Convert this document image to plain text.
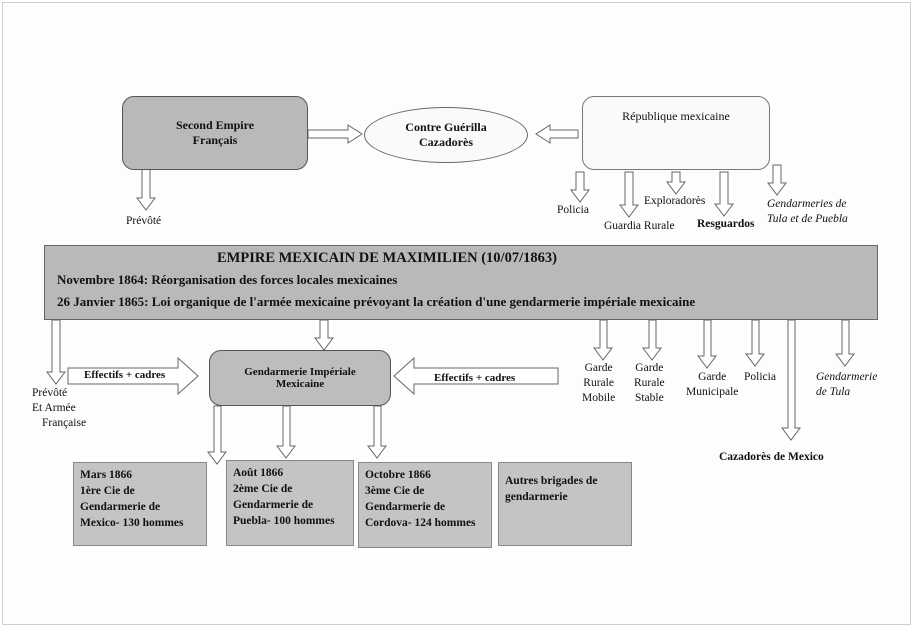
Second Empire
Français
Contre Guérilla
Cazadorès
République mexicaine
Prévôté
Policia
Guardia Rurale
Exploradorès
Resguardos
Gendarmeries de
Tula et de Puebla
EMPIRE MEXICAIN DE MAXIMILIEN (10/07/1863)
Novembre 1864: Réorganisation des forces locales mexicaines
26 Janvier 1865: Loi organique de l'armée mexicaine prévoyant la création d'une gendarmerie impériale mexicaine
Gendarmerie Impériale
Mexicaine
Effectifs + cadres	Effectifs + cadres
Prévôté
Et Armée
Française
Garde
Rurale
Mobile
Garde
Rurale
Stable
Garde
Municipale
Policia	Gendarmerie
de Tula
Cazadorès de Mexico
Mars 1866
1ère Cie de
Gendarmerie de
Mexico- 130 hommes
Août 1866
2ème Cie de
Gendarmerie de
Puebla- 100 hommes
Octobre 1866
3ème Cie de
Gendarmerie de
Cordova- 124 hommes
Autres brigades de
gendarmerie
